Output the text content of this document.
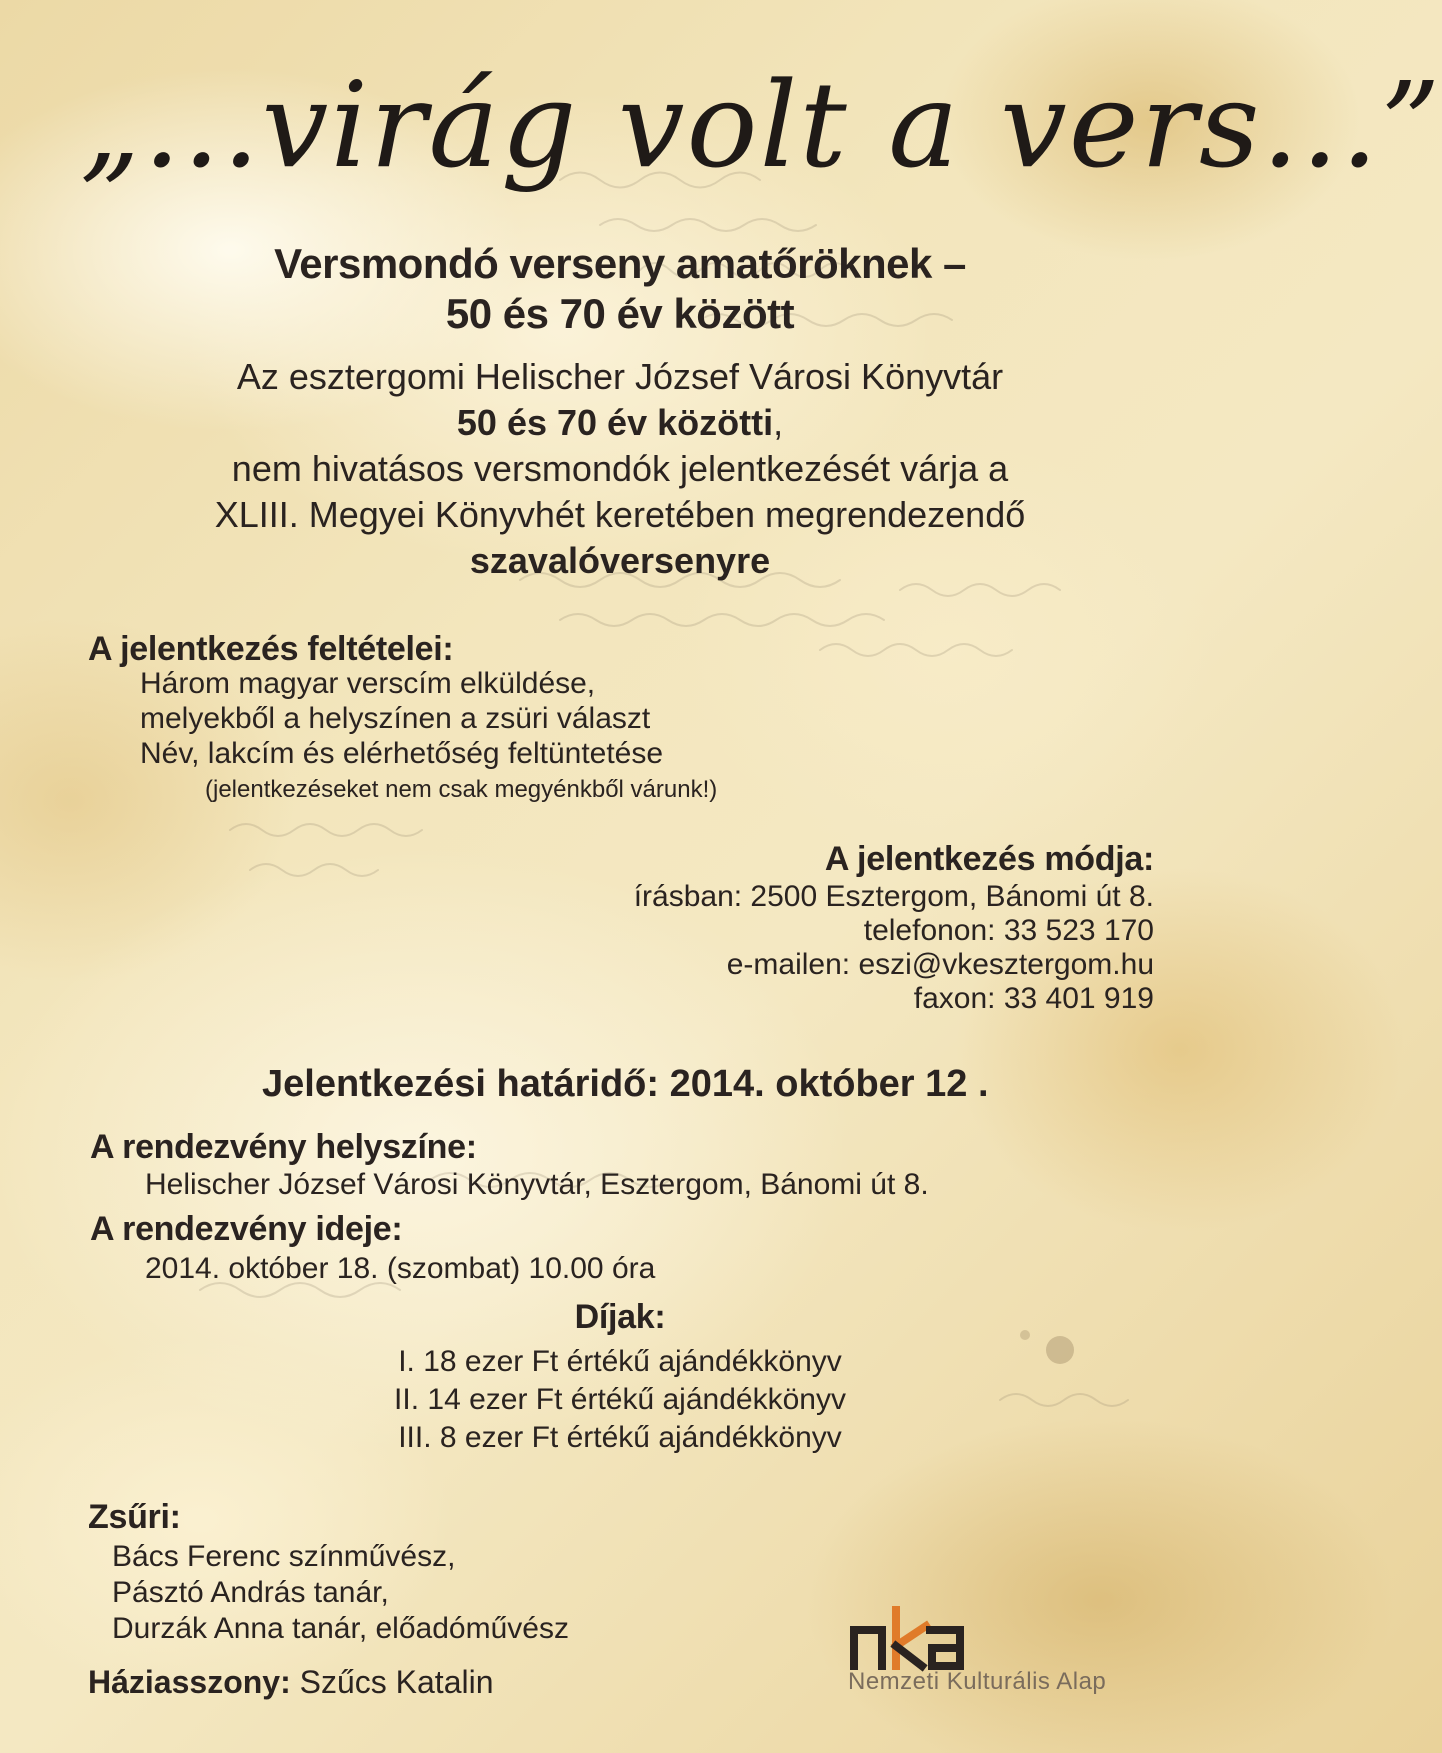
„...virág volt a vers...”
Versmondó verseny amatőröknek –
50 és 70 év között
Az esztergomi Helischer József Városi Könyvtár
50 és 70 év közötti,
nem hivatásos versmondók jelentkezését várja a
XLIII. Megyei Könyvhét keretében megrendezendő
szavalóversenyre
A jelentkezés feltételei:
Három magyar verscím elküldése,
melyekből a helyszínen a zsüri választ
Név, lakcím és elérhetőség feltüntetése
(jelentkezéseket nem csak megyénkből várunk!)
A jelentkezés módja:
írásban: 2500 Esztergom, Bánomi út 8.
telefonon: 33 523 170
e-mailen: eszi@vkesztergom.hu
faxon: 33 401 919
Jelentkezési határidő: 2014. október 12 .
A rendezvény helyszíne:
Helischer József Városi Könyvtár, Esztergom, Bánomi út 8.
A rendezvény ideje:
2014. október 18. (szombat) 10.00 óra
Díjak:
I. 18 ezer Ft értékű ajándékkönyv
II. 14 ezer Ft értékű ajándékkönyv
III. 8 ezer Ft értékű ajándékkönyv
Zsűri:
Bács Ferenc színművész,
Pásztó András tanár,
Durzák Anna tanár, előadóművész
Háziasszony: Szűcs Katalin	Nemzeti Kulturális Alap
